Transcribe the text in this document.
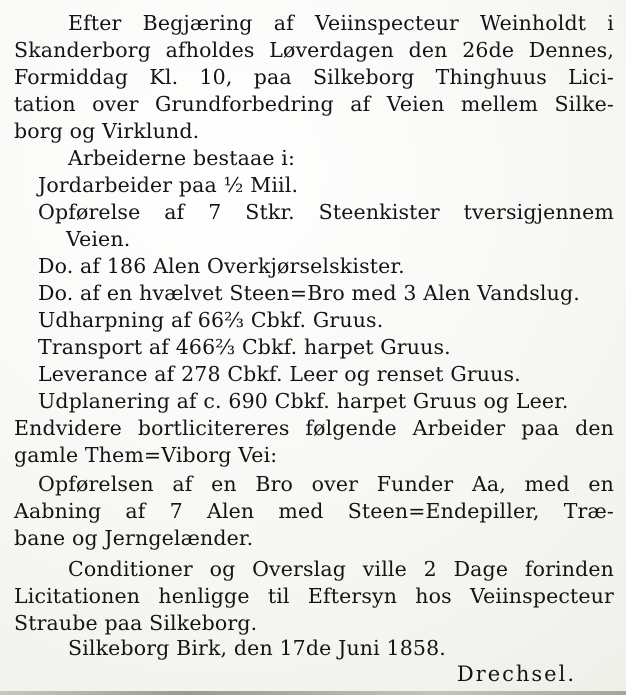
Efter Begjæring af Veiinspecteur Weinholdt i
Skanderborg afholdes Løverdagen den 26de Dennes,
Formiddag Kl. 10, paa Silkeborg Thinghuus Lici-
tation over Grundforbedring af Veien mellem Silke-
borg og Virklund.
Arbeiderne bestaae i:
Jordarbeider paa ½ Miil.
Opførelse af 7 Stkr. Steenkister tversigjennem
Veien.
Do. af 186 Alen Overkjørselskister.
Do. af en hvælvet Steen=Bro med 3 Alen Vandslug.
Udharpning af 66⅔ Cbkf. Gruus.
Transport af 466⅔ Cbkf. harpet Gruus.
Leverance af 278 Cbkf. Leer og renset Gruus.
Udplanering af c. 690 Cbkf. harpet Gruus og Leer.
Endvidere bortlicitereres følgende Arbeider paa den
gamle Them=Viborg Vei:
Opførelsen af en Bro over Funder Aa, med en
Aabning af 7 Alen med Steen=Endepiller, Træ-
bane og Jerngelænder.
Conditioner og Overslag ville 2 Dage forinden
Licitationen henligge til Eftersyn hos Veiinspecteur
Straube paa Silkeborg.
Silkeborg Birk, den 17de Juni 1858.
Drechsel.
